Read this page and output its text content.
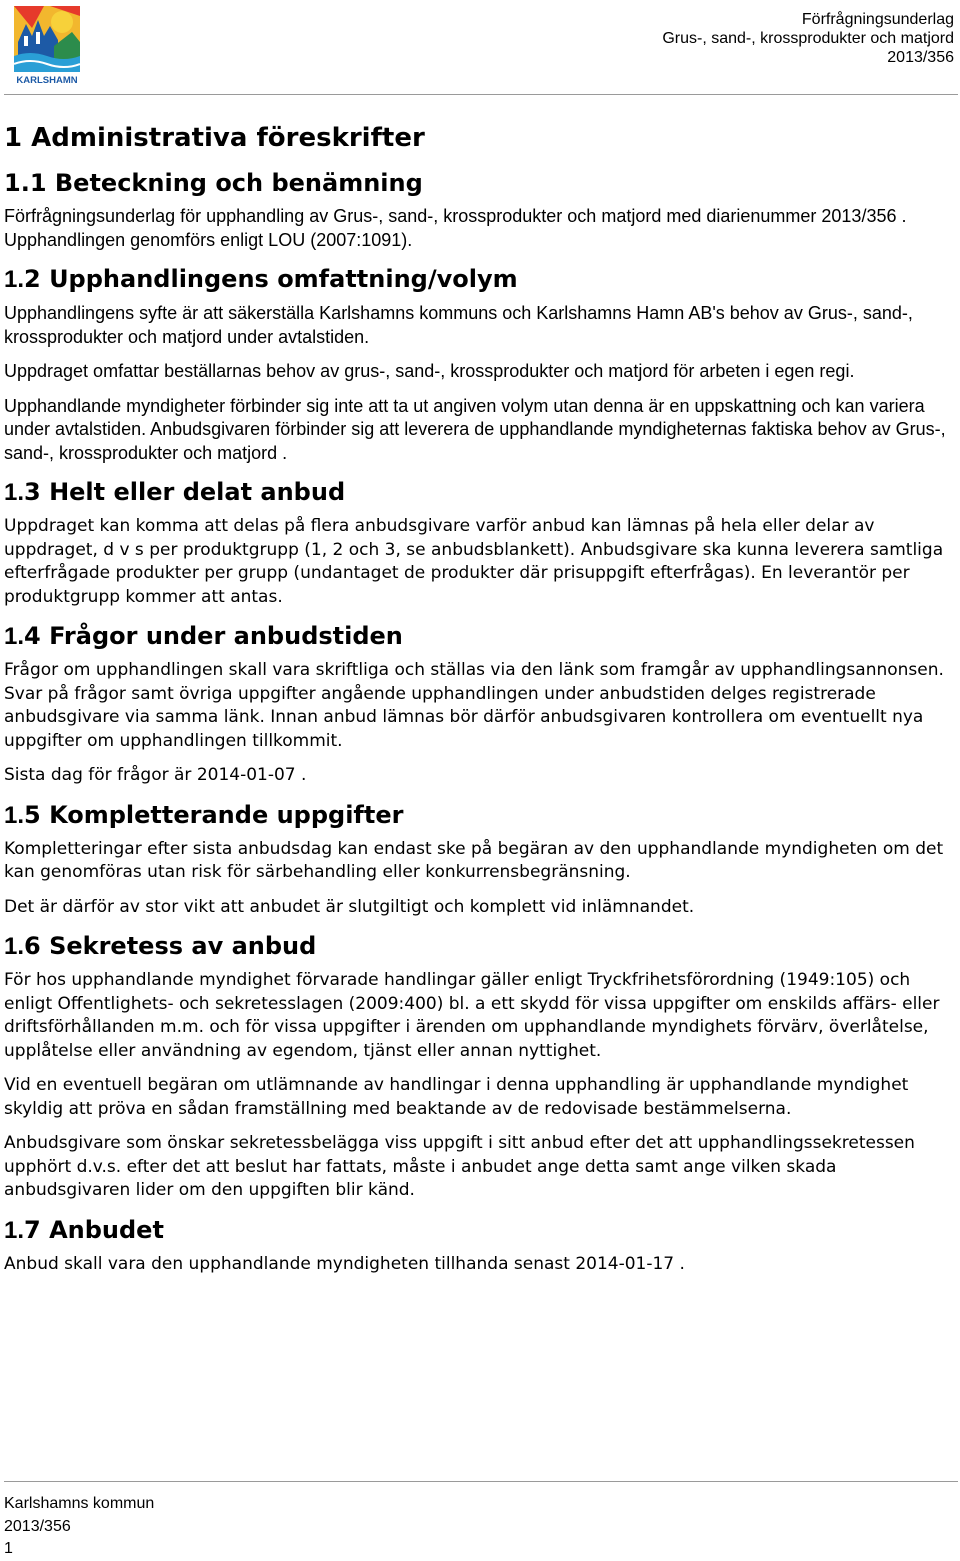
KARLSHAMN
Förfrågningsunderlag
Grus-, sand-, krossprodukter och matjord
2013/356
1 Administrativa föreskrifter
1.1 Beteckning och benämning

Förfrågningsunderlag för upphandling av Grus-, sand-, krossprodukter och matjord med diarienummer 2013/356 . Upphandlingen genomförs enligt LOU (2007:1091).

1.2 Upphandlingens omfattning/volym

Upphandlingens syfte är att säkerställa Karlshamns kommuns och Karlshamns Hamn AB's behov av Grus-, sand-, krossprodukter och matjord under avtalstiden.

Uppdraget omfattar beställarnas behov av grus-, sand-, krossprodukter och matjord för arbeten i egen regi.

Upphandlande myndigheter förbinder sig inte att ta ut angiven volym utan denna är en uppskattning och kan variera under avtalstiden. Anbudsgivaren förbinder sig att leverera de upphandlande myndigheternas faktiska behov av Grus-, sand-, krossprodukter och matjord .

1.3 Helt eller delat anbud

Uppdraget kan komma att delas på flera anbudsgivare varför anbud kan lämnas på hela eller delar av uppdraget, d v s per produktgrupp (1, 2 och 3, se anbudsblankett). Anbudsgivare ska kunna leverera samtliga efterfrågade produkter per grupp (undantaget de produkter där prisuppgift efterfrågas). En leverantör per produktgrupp kommer att antas.

1.4 Frågor under anbudstiden

Frågor om upphandlingen skall vara skriftliga och ställas via den länk som framgår av upphandlingsannonsen. Svar på frågor samt övriga uppgifter angående upphandlingen under anbudstiden delges registrerade anbudsgivare via samma länk. Innan anbud lämnas bör därför anbudsgivaren kontrollera om eventuellt nya uppgifter om upphandlingen tillkommit.

Sista dag för frågor är 2014-01-07 .

1.5 Kompletterande uppgifter

Kompletteringar efter sista anbudsdag kan endast ske på begäran av den upphandlande myndigheten om det kan genomföras utan risk för särbehandling eller konkurrensbegränsning.

Det är därför av stor vikt att anbudet är slutgiltigt och komplett vid inlämnandet.

1.6 Sekretess av anbud

För hos upphandlande myndighet förvarade handlingar gäller enligt Tryckfrihetsförordning (1949:105) och enligt Offentlighets- och sekretesslagen (2009:400) bl. a ett skydd för vissa uppgifter om enskilds affärs- eller driftsförhållanden m.m. och för vissa uppgifter i ärenden om upphandlande myndighets förvärv, överlåtelse, upplåtelse eller användning av egendom, tjänst eller annan nyttighet.

Vid en eventuell begäran om utlämnande av handlingar i denna upphandling är upphandlande myndighet skyldig att pröva en sådan framställning med beaktande av de redovisade bestämmelserna.

Anbudsgivare som önskar sekretessbelägga viss uppgift i sitt anbud efter det att upphandlingssekretessen upphört d.v.s. efter det att beslut har fattats, måste i anbudet ange detta samt ange vilken skada anbudsgivaren lider om den uppgiften blir känd.

1.7 Anbudet

Anbud skall vara den upphandlande myndigheten tillhanda senast 2014-01-17 .

Karlshamns kommun
2013/356
1
